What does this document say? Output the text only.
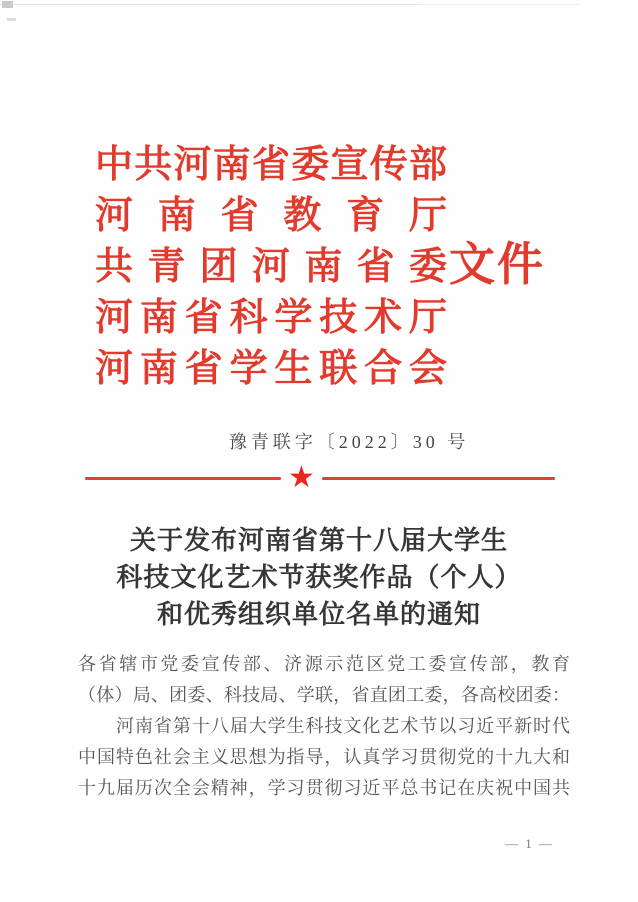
中共河南省委宣传部
河南省教育厅
共青团河南省委
河南省科学技术厅
河南省学生联合会
文件
豫青联字〔2022〕30 号
★
关于发布河南省第十八届大学生
科技文化艺术节获奖作品（个人）
和优秀组织单位名单的通知
各省辖市党委宣传部、济源示范区党工委宣传部，教育
（体）局、团委、科技局、学联，省直团工委，各高校团委：
河南省第十八届大学生科技文化艺术节以习近平新时代
中国特色社会主义思想为指导，认真学习贯彻党的十九大和
十九届历次全会精神，学习贯彻习近平总书记在庆祝中国共
— 1 —
